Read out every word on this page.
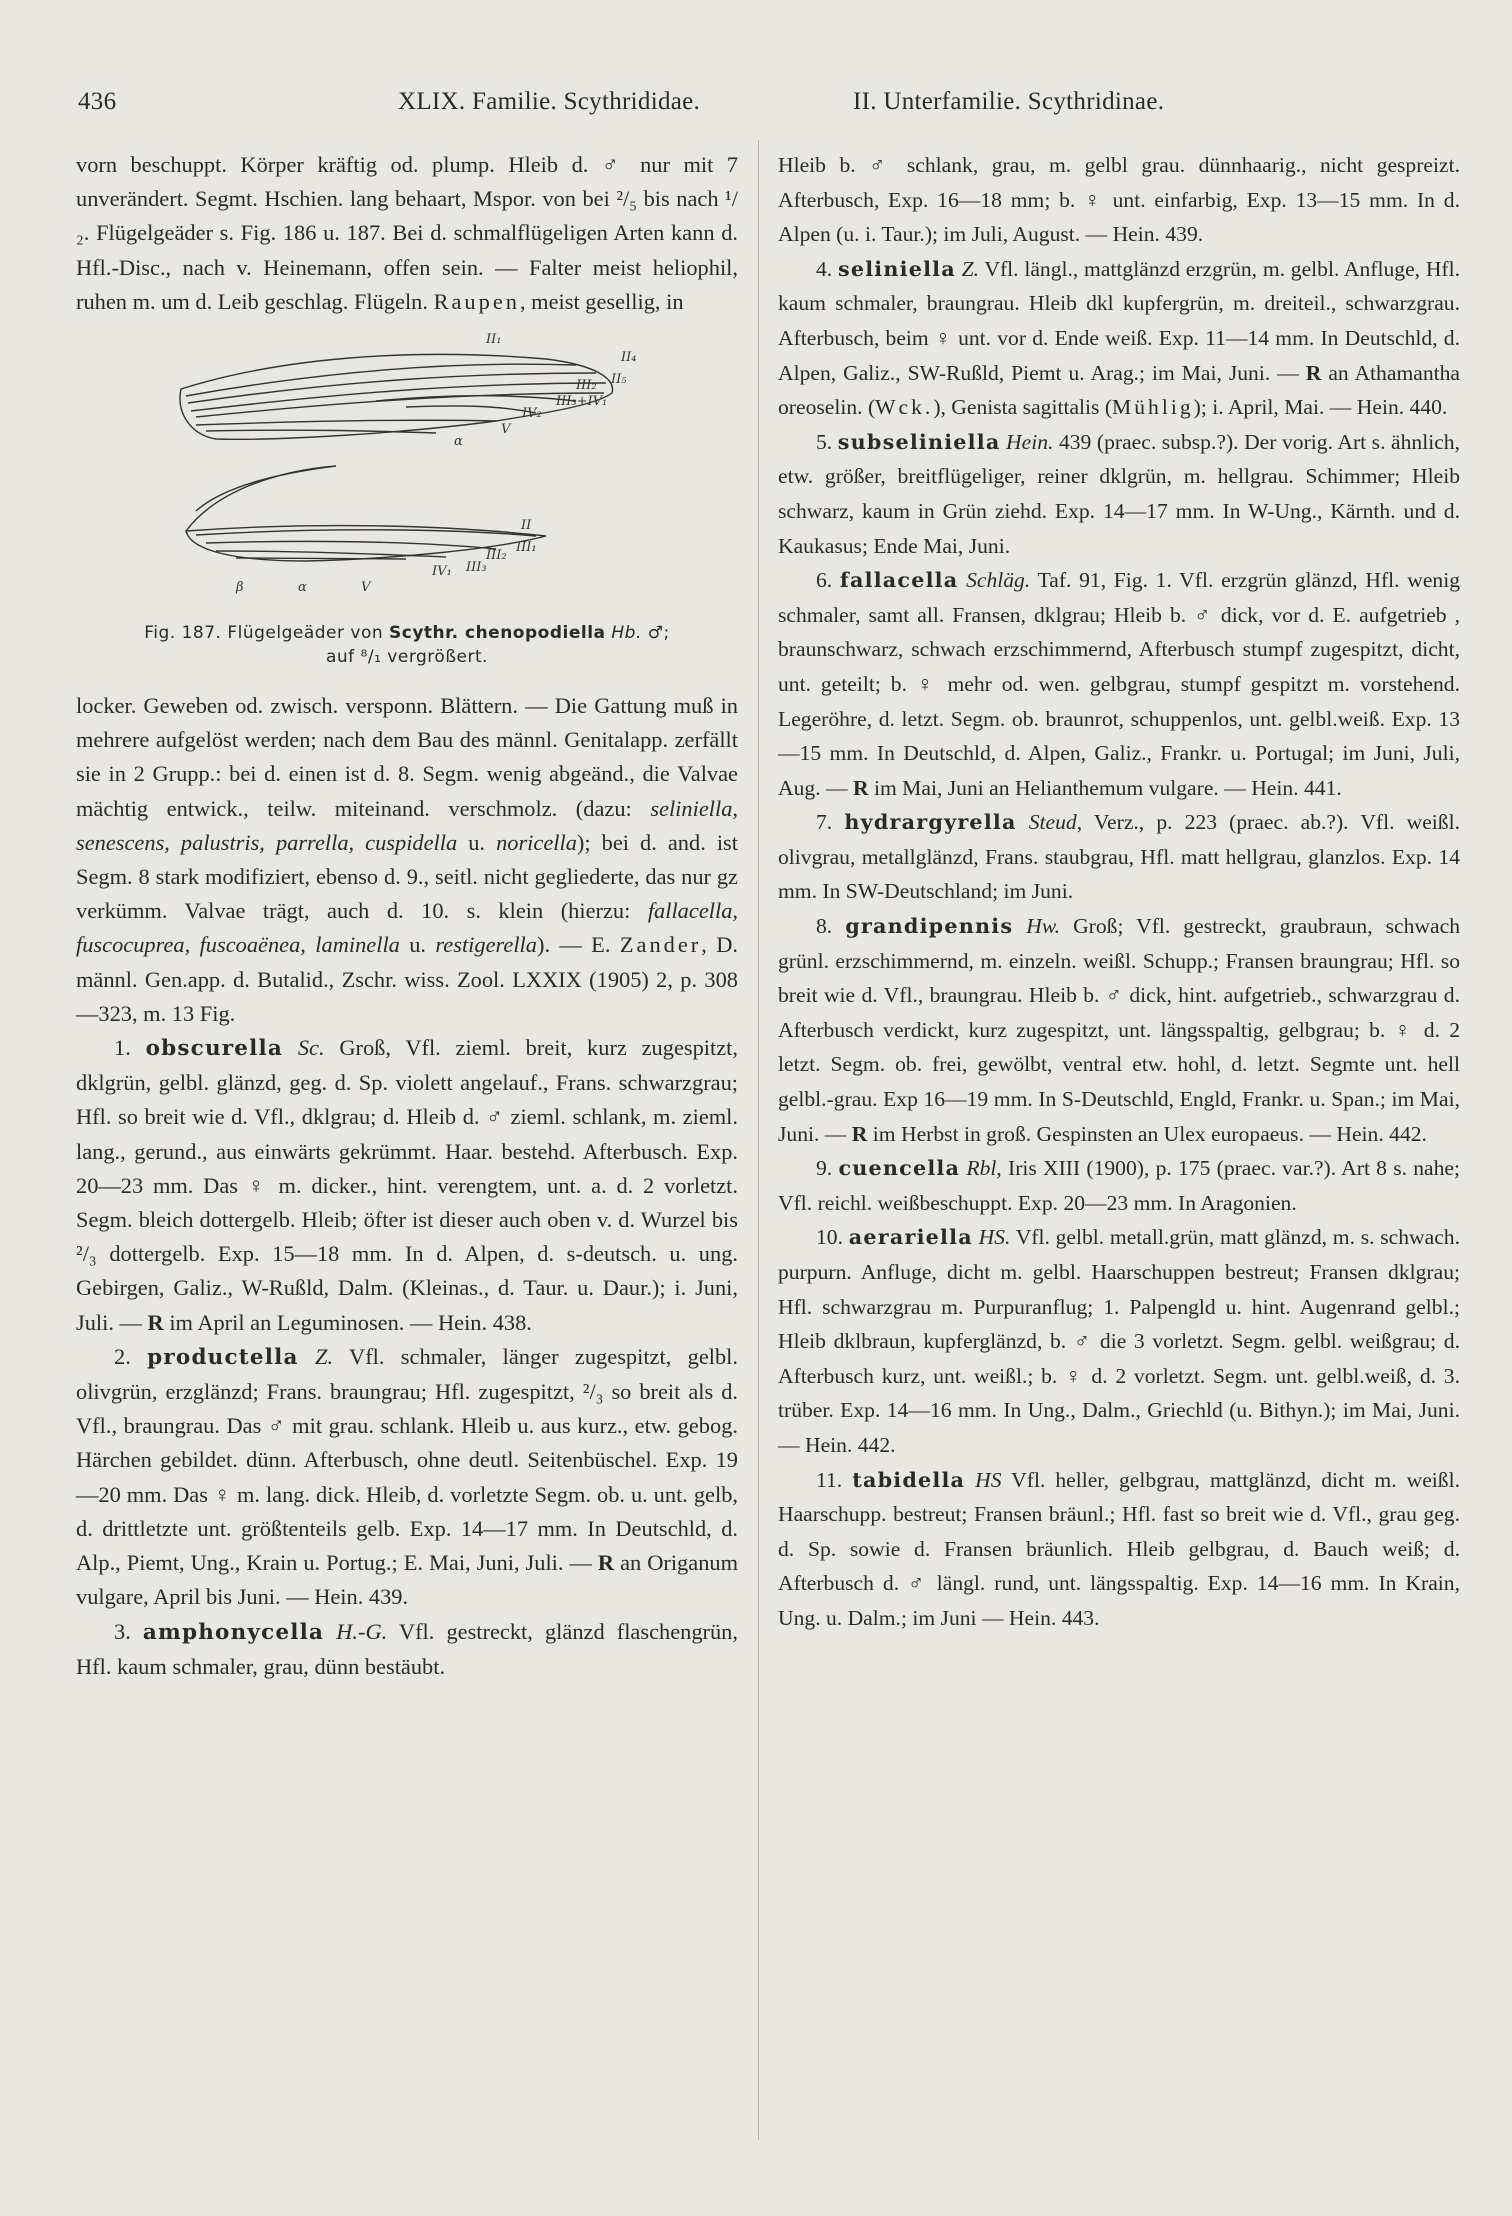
436	XLIX. Familie. Scythrididae.	II. Unterfamilie. Scythridinae.

vorn beschuppt. Körper kräftig od. plump. Hleib d. ♂ nur mit 7 unverändert. Segmt. Hschien. lang behaart, Mspor. von bei ²/₅ bis nach ¹/₂. Flügelgeäder s. Fig. 186 u. 187. Bei d. schmalflügeligen Arten kann d. Hfl.-Disc., nach v. Heinemann, offen sein. — Falter meist heliophil, ruhen m. um d. Leib geschlag. Flügeln. Raupen, meist gesellig, in

II₁
II₄
II₅
III₂
III₃+IV₁
IV₂
V
α
II
III₁
III₂
III₃
IV₁
β	α	V
Fig. 187. Flügelgeäder von Scythr. chenopodiella Hb. ♂;
auf ⁸/₁ vergrößert.

locker. Geweben od. zwisch. versponn. Blättern. — Die Gattung muß in mehrere aufgelöst werden; nach dem Bau des männl. Genitalapp. zerfällt sie in 2 Grupp.: bei d. einen ist d. 8. Segm. wenig abgeänd., die Valvae mächtig entwick., teilw. miteinand. verschmolz. (dazu: seliniella, senescens, palustris, parrella, cuspidella u. noricella); bei d. and. ist Segm. 8 stark modifiziert, ebenso d. 9., seitl. nicht gegliederte, das nur gz verkümm. Valvae trägt, auch d. 10. s. klein (hierzu: fallacella, fuscocuprea, fuscoaënea, laminella u. restigerella). — E. Zander, D. männl. Gen.app. d. Butalid., Zschr. wiss. Zool. LXXIX (1905) 2, p. 308—323, m. 13 Fig.

1. obscurella Sc. Groß, Vfl. zieml. breit, kurz zugespitzt, dklgrün, gelbl. glänzd, geg. d. Sp. violett angelauf., Frans. schwarzgrau; Hfl. so breit wie d. Vfl., dklgrau; d. Hleib d. ♂ zieml. schlank, m. zieml. lang., gerund., aus einwärts gekrümmt. Haar. bestehd. Afterbusch. Exp. 20—23 mm. Das ♀ m. dicker., hint. verengtem, unt. a. d. 2 vorletzt. Segm. bleich dottergelb. Hleib; öfter ist dieser auch oben v. d. Wurzel bis ²/₃ dottergelb. Exp. 15—18 mm. In d. Alpen, d. s-deutsch. u. ung. Gebirgen, Galiz., W-Rußld, Dalm. (Kleinas., d. Taur. u. Daur.); i. Juni, Juli. — R im April an Leguminosen. — Hein. 438.

2. productella Z. Vfl. schmaler, länger zugespitzt, gelbl. olivgrün, erzglänzd; Frans. braungrau; Hfl. zugespitzt, ²/₃ so breit als d. Vfl., braungrau. Das ♂ mit grau. schlank. Hleib u. aus kurz., etw. gebog. Härchen gebildet. dünn. Afterbusch, ohne deutl. Seitenbüschel. Exp. 19—20 mm. Das ♀ m. lang. dick. Hleib, d. vorletzte Segm. ob. u. unt. gelb, d. drittletzte unt. größtenteils gelb. Exp. 14—17 mm. In Deutschld, d. Alp., Piemt, Ung., Krain u. Portug.; E. Mai, Juni, Juli. — R an Origanum vulgare, April bis Juni. — Hein. 439.

3. amphonycella H.-G. Vfl. gestreckt, glänzd flaschengrün, Hfl. kaum schmaler, grau, dünn bestäubt.

Hleib b. ♂ schlank, grau, m. gelbl grau. dünnhaarig., nicht gespreizt. Afterbusch, Exp. 16—18 mm; b. ♀ unt. einfarbig, Exp. 13—15 mm. In d. Alpen (u. i. Taur.); im Juli, August. — Hein. 439.

4. seliniella Z. Vfl. längl., mattglänzd erzgrün, m. gelbl. Anfluge, Hfl. kaum schmaler, braungrau. Hleib dkl kupfergrün, m. dreiteil., schwarzgrau. Afterbusch, beim ♀ unt. vor d. Ende weiß. Exp. 11—14 mm. In Deutschld, d. Alpen, Galiz., SW-Rußld, Piemt u. Arag.; im Mai, Juni. — R an Athamantha oreoselin. (Wck.), Genista sagittalis (Mühlig); i. April, Mai. — Hein. 440.

5. subseliniella Hein. 439 (praec. subsp.?). Der vorig. Art s. ähnlich, etw. größer, breitflügeliger, reiner dklgrün, m. hellgrau. Schimmer; Hleib schwarz, kaum in Grün ziehd. Exp. 14—17 mm. In W-Ung., Kärnth. und d. Kaukasus; Ende Mai, Juni.

6. fallacella Schläg. Taf. 91, Fig. 1. Vfl. erzgrün glänzd, Hfl. wenig schmaler, samt all. Fransen, dklgrau; Hleib b. ♂ dick, vor d. E. aufgetrieb , braunschwarz, schwach erzschimmernd, Afterbusch stumpf zugespitzt, dicht, unt. geteilt; b. ♀ mehr od. wen. gelbgrau, stumpf gespitzt m. vorstehend. Legeröhre, d. letzt. Segm. ob. braunrot, schuppenlos, unt. gelbl.weiß. Exp. 13—15 mm. In Deutschld, d. Alpen, Galiz., Frankr. u. Portugal; im Juni, Juli, Aug. — R im Mai, Juni an Helianthemum vulgare. — Hein. 441.

7. hydrargyrella Steud, Verz., p. 223 (praec. ab.?). Vfl. weißl. olivgrau, metallglänzd, Frans. staubgrau, Hfl. matt hellgrau, glanzlos. Exp. 14 mm. In SW-Deutschland; im Juni.

8. grandipennis Hw. Groß; Vfl. gestreckt, graubraun, schwach grünl. erzschimmernd, m. einzeln. weißl. Schupp.; Fransen braungrau; Hfl. so breit wie d. Vfl., braungrau. Hleib b. ♂ dick, hint. aufgetrieb., schwarzgrau d. Afterbusch verdickt, kurz zugespitzt, unt. längsspaltig, gelbgrau; b. ♀ d. 2 letzt. Segm. ob. frei, gewölbt, ventral etw. hohl, d. letzt. Segmte unt. hell gelbl.-grau. Exp 16—19 mm. In S-Deutschld, Engld, Frankr. u. Span.; im Mai, Juni. — R im Herbst in groß. Gespinsten an Ulex europaeus. — Hein. 442.

9. cuencella Rbl, Iris XIII (1900), p. 175 (praec. var.?). Art 8 s. nahe; Vfl. reichl. weißbeschuppt. Exp. 20—23 mm. In Aragonien.

10. aerariella HS. Vfl. gelbl. metall.grün, matt glänzd, m. s. schwach. purpurn. Anfluge, dicht m. gelbl. Haarschuppen bestreut; Fransen dklgrau; Hfl. schwarzgrau m. Purpuranflug; 1. Palpengld u. hint. Augenrand gelbl.; Hleib dklbraun, kupferglänzd, b. ♂ die 3 vorletzt. Segm. gelbl. weißgrau; d. Afterbusch kurz, unt. weißl.; b. ♀ d. 2 vorletzt. Segm. unt. gelbl.weiß, d. 3. trüber. Exp. 14—16 mm. In Ung., Dalm., Griechld (u. Bithyn.); im Mai, Juni. — Hein. 442.

11. tabidella HS Vfl. heller, gelbgrau, mattglänzd, dicht m. weißl. Haarschupp. bestreut; Fransen bräunl.; Hfl. fast so breit wie d. Vfl., grau geg. d. Sp. sowie d. Fransen bräunlich. Hleib gelbgrau, d. Bauch weiß; d. Afterbusch d. ♂ längl. rund, unt. längsspaltig. Exp. 14—16 mm. In Krain, Ung. u. Dalm.; im Juni — Hein. 443.
